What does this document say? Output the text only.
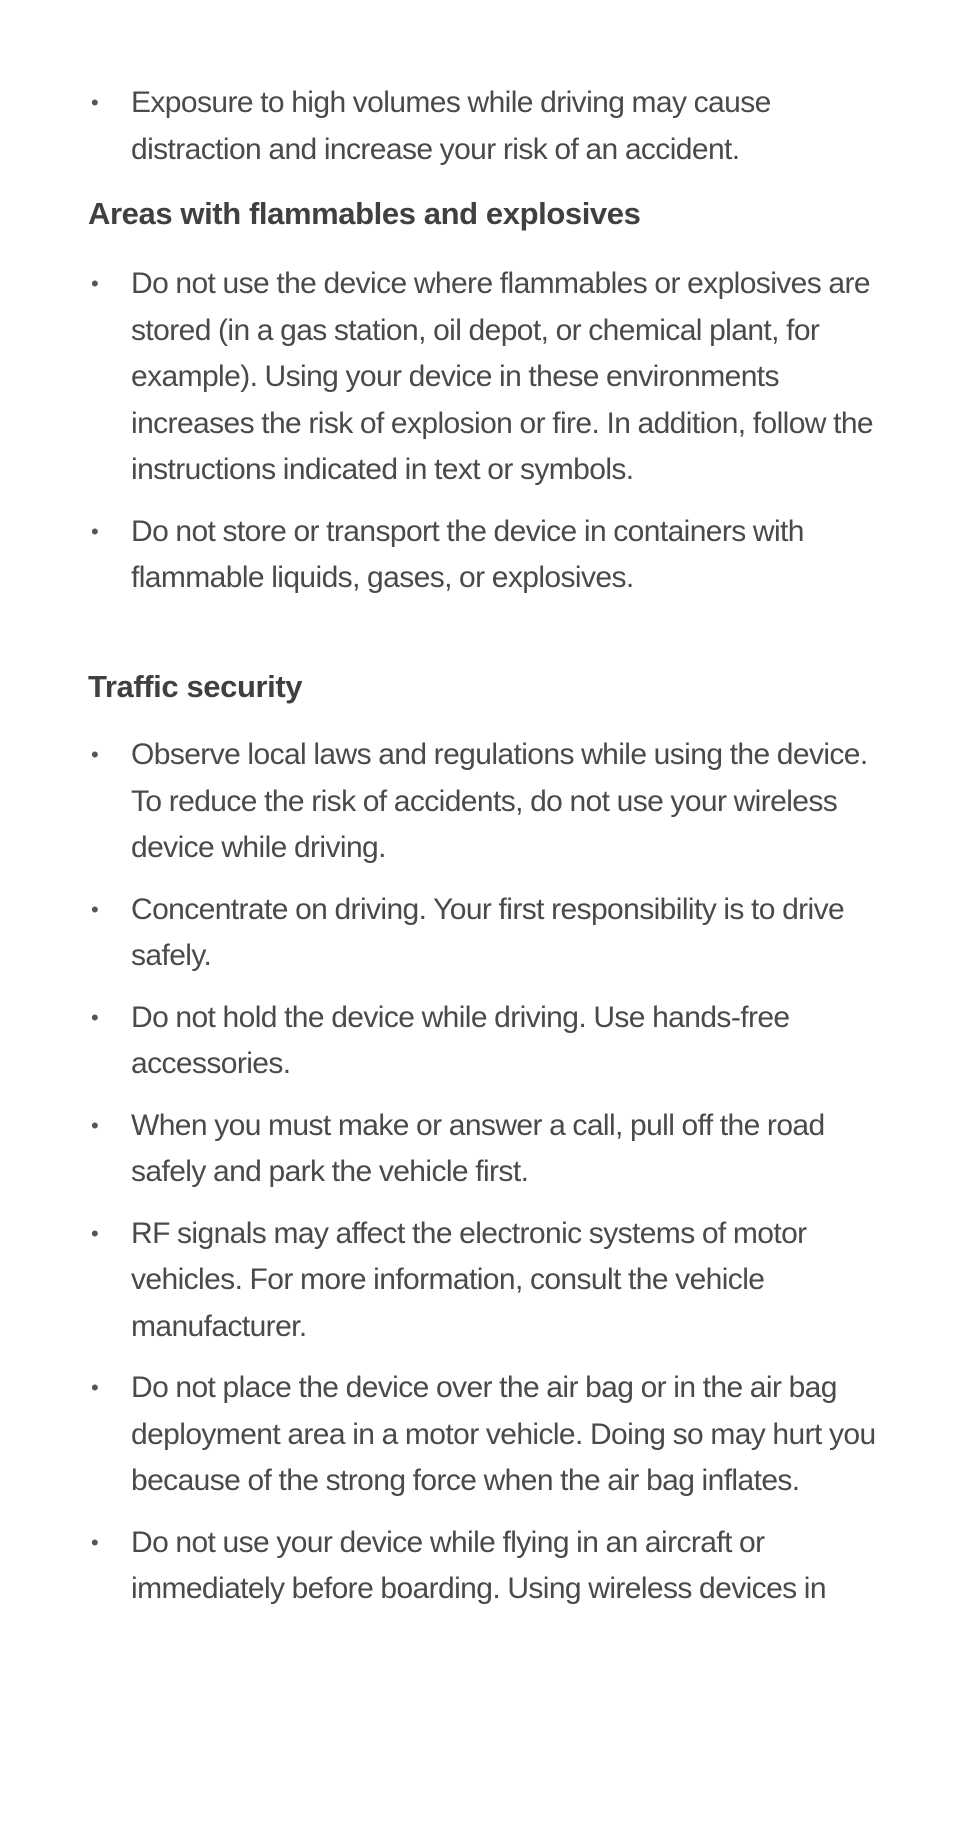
• Exposure to high volumes while driving may cause distraction and increase your risk of an accident.
Areas with flammables and explosives
• Do not use the device where flammables or explosives are stored (in a gas station, oil depot, or chemical plant, for example). Using your device in these environments increases the risk of explosion or fire. In addition, follow the instructions indicated in text or symbols.
• Do not store or transport the device in containers with flammable liquids, gases, or explosives.
Traffic security
• Observe local laws and regulations while using the device. To reduce the risk of accidents, do not use your wireless device while driving.
• Concentrate on driving. Your first responsibility is to drive safely.
• Do not hold the device while driving. Use hands-free accessories.
• When you must make or answer a call, pull off the road safely and park the vehicle first.
• RF signals may affect the electronic systems of motor vehicles. For more information, consult the vehicle manufacturer.
• Do not place the device over the air bag or in the air bag deployment area in a motor vehicle. Doing so may hurt you because of the strong force when the air bag inflates.
• Do not use your device while flying in an aircraft or immediately before boarding. Using wireless devices in
